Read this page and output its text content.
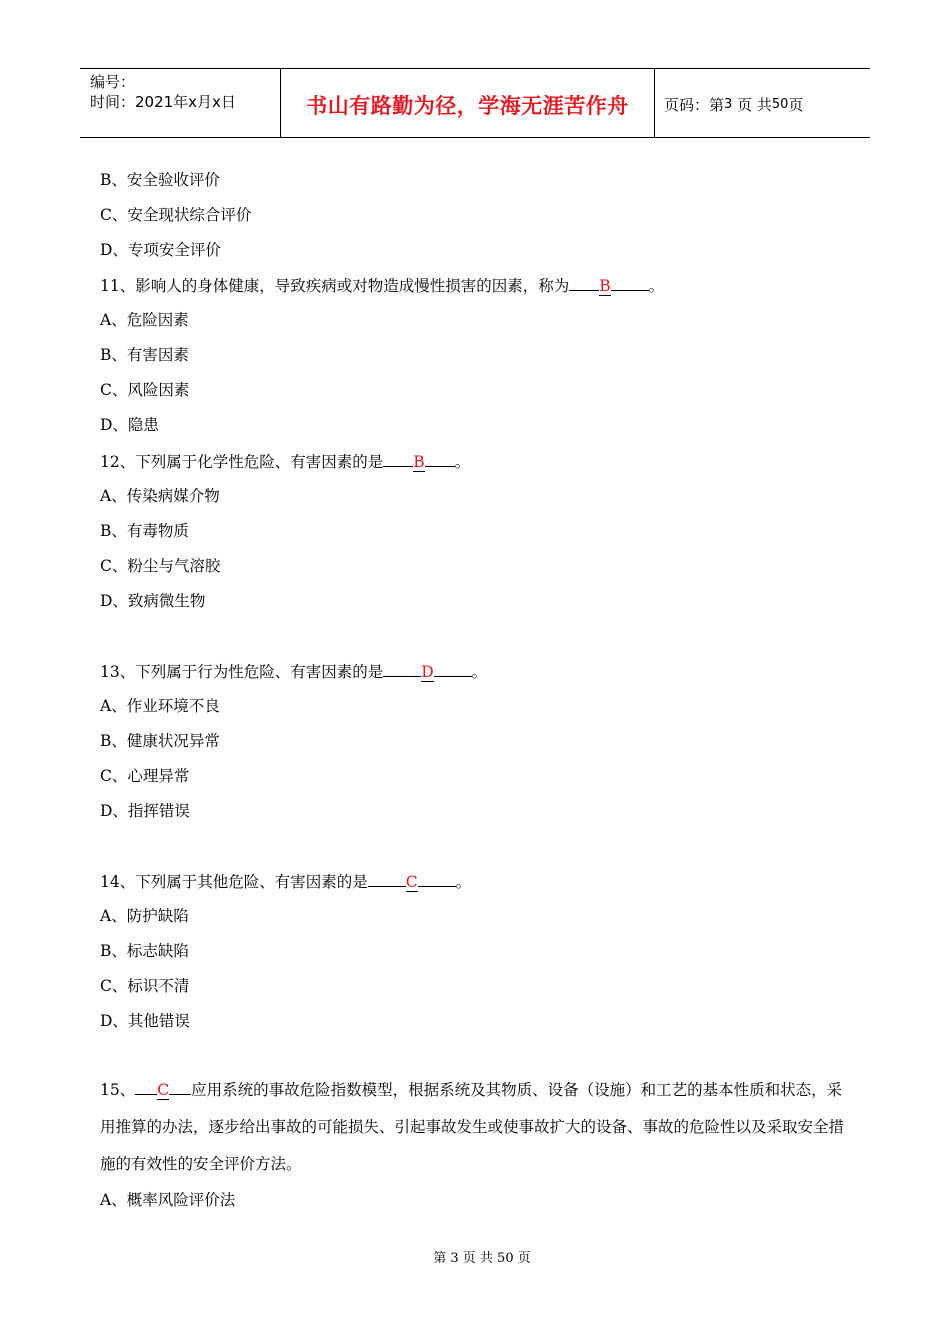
编号：
时间：2021年x月x日	书山有路勤为径，学海无涯苦作舟	页码：第 3
页 共 50 页
B、安全验收评价
C、安全现状综合评价
D、专项安全评价
11、影响人的身体健康，导致疾病或对物造成慢性损害的因素，称为 B 。
A、危险因素
B、有害因素
C、风险因素
D、隐患
12、下列属于化学性危险、有害因素的是 B 。
A、传染病媒介物
B、有毒物质
C、粉尘与气溶胶
D、致病微生物
13、下列属于行为性危险、有害因素的是 D 。
A、作业环境不良
B、健康状况异常
C、心理异常
D、指挥错误
14、下列属于其他危险、有害因素的是 C 。
A、防护缺陷
B、标志缺陷
C、标识不清
D、其他错误
15、 C 应用系统的事故危险指数模型，根据系统及其物质、设备（设施）和工艺的基本性质和状态，采用推算的办法，逐步给出事故的可能损失、引起事故发生或使事故扩大的设备、事故的危险性以及采取安全措施的有效性的安全评价方法。
A、概率风险评价法
第 3 页 共 50 页
